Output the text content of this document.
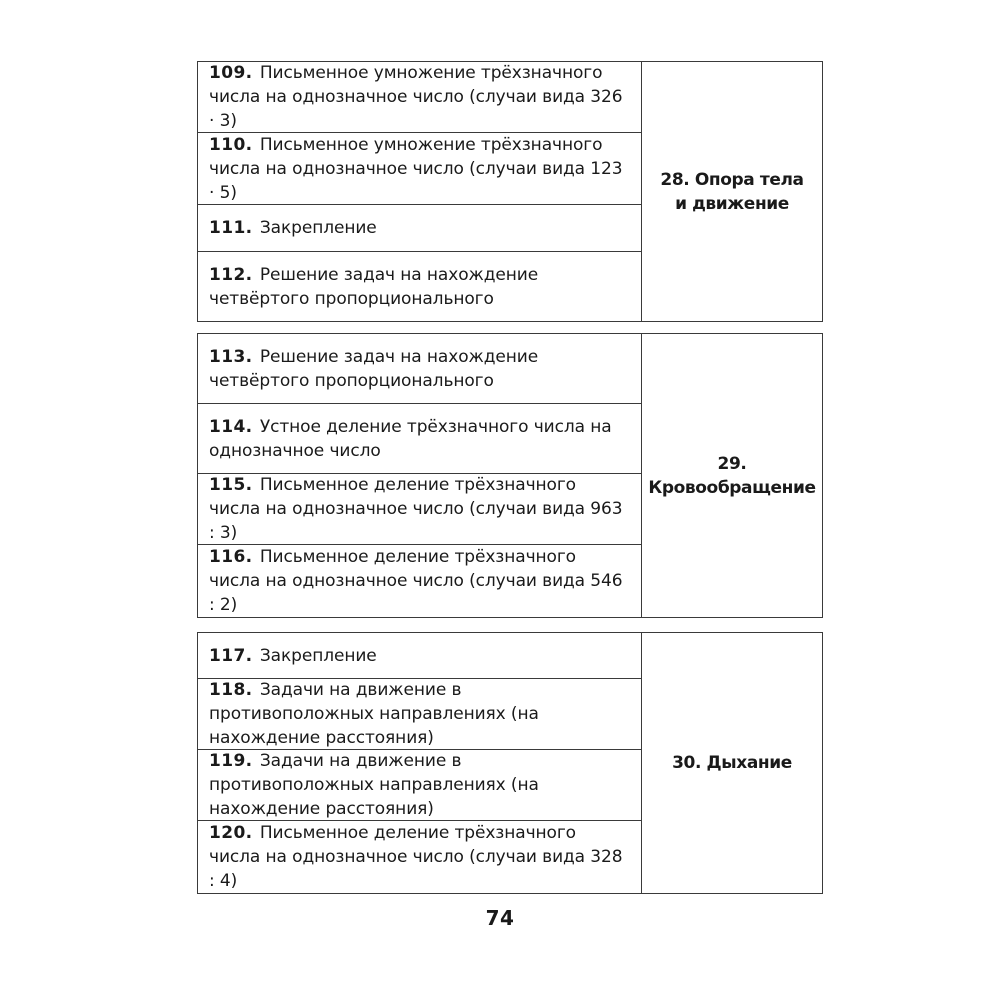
109. Письменное умножение трёхзначного числа на однозначное число (случаи вида 326 · 3)
110. Письменное умножение трёхзначного числа на однозначное число (случаи вида 123 · 5)
111. Закрепление
112. Решение задач на нахождение четвёртого пропорционального
28. Опора тела
и движение
113. Решение задач на нахождение четвёртого пропорционального
114. Устное деление трёхзначного числа на однозначное число
115. Письменное деление трёхзначного числа на однозначное число (случаи вида 963 : 3)
116. Письменное деление трёхзначного числа на однозначное число (случаи вида 546 : 2)
29. Кровообращение
117. Закрепление
118. Задачи на движение в противоположных направлениях (на нахождение расстояния)
119. Задачи на движение в противоположных направлениях (на нахождение расстояния)
120. Письменное деление трёхзначного числа на однозначное число (случаи вида 328 : 4)
30. Дыхание
74
